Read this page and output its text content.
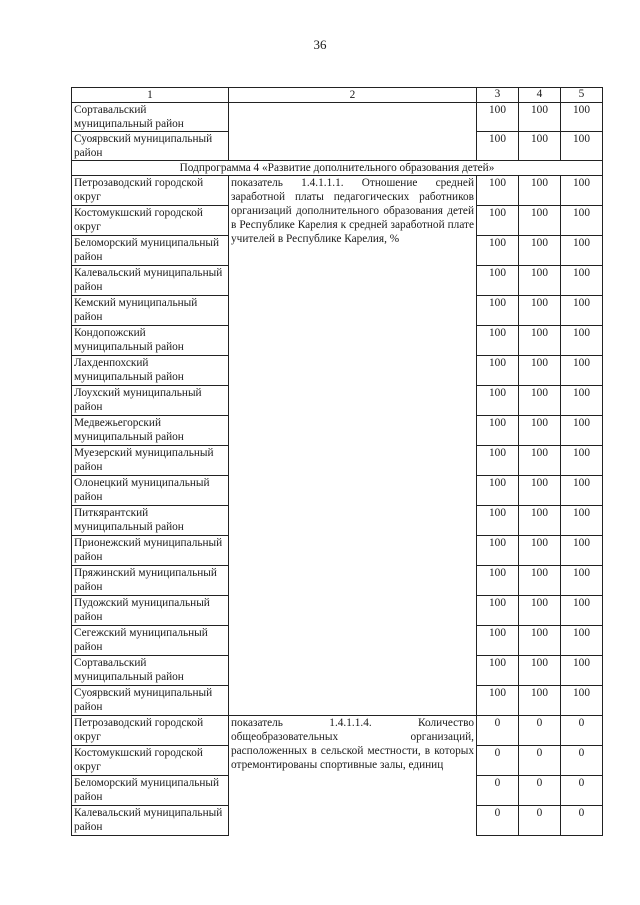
36
1	2	3	4	5
Сортавальский муниципальный район		100	100	100
Суоярвский муниципальный район		100	100	100
Подпрограмма 4 «Развитие дополнительного образования детей»				
Петрозаводский городской округ	показатель 1.4.1.1.1. Отношение средней заработной платы педагогических работников организаций дополнительного образования детей в Республике Карелия к средней заработной плате учителей в Республике Карелия, %	100	100	100
Костомукшский городской округ		100	100	100
Беломорский муниципальный район		100	100	100
Калевальский муниципальный район		100	100	100
Кемский муниципальный район		100	100	100
Кондопожский муниципальный район		100	100	100
Лахденпохский муниципальный район		100	100	100
Лоухский муниципальный район		100	100	100
Медвежьегорский муниципальный район		100	100	100
Муезерский муниципальный район		100	100	100
Олонецкий муниципальный район		100	100	100
Питкярантский муниципальный район		100	100	100
Прионежский муниципальный район		100	100	100
Пряжинский муниципальный район		100	100	100
Пудожский муниципальный район		100	100	100
Сегежский муниципальный район		100	100	100
Сортавальский муниципальный район		100	100	100
Суоярвский муниципальный район		100	100	100
Петрозаводский городской округ	показатель 1.4.1.1.4. Количество общеобразовательных организаций, расположенных в сельской местности, в которых отремонтированы спортивные залы, единиц	0	0	0
Костомукшский городской округ		0	0	0
Беломорский муниципальный район		0	0	0
Калевальский муниципальный район		0	0	0
